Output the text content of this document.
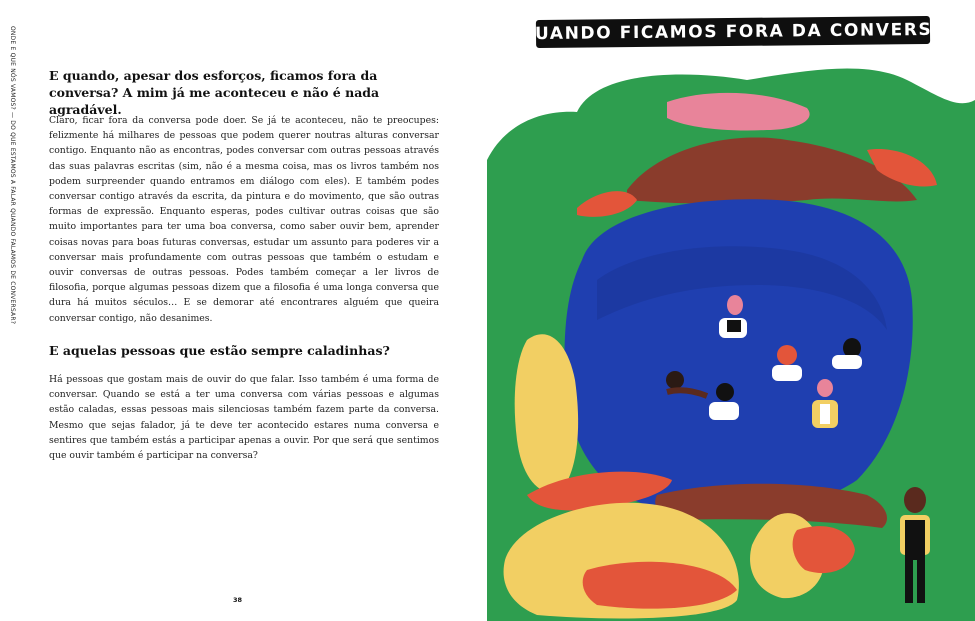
ONDE E QUE NÓS VAMOS? — DO QUE ESTAMOS A FALAR QUANDO FALAMOS DE CONVERSAR?	E quando, apesar dos esforços, ficamos fora da conversa? A mim já me aconteceu e não é nada agradável.

Claro, ficar fora da conversa pode doer. Se já te aconteceu, não te preocupes: felizmente há milhares de pessoas que podem querer noutras alturas conversar contigo. Enquanto não as encontras, podes conversar com outras pessoas através das suas palavras escritas (sim, não é a mesma coisa, mas os livros também nos podem surpreender quando entramos em diálogo com eles). E também podes conversar contigo através da escrita, da pintura e do movimento, que são outras formas de expressão. Enquanto esperas, podes cultivar outras coisas que são muito importantes para ter uma boa conversa, como saber ouvir bem, aprender coisas novas para boas futuras conversas, estudar um assunto para poderes vir a conversar mais profundamente com outras pessoas que também o estudam e ouvir conversas de outras pessoas. Podes também começar a ler livros de filosofia, porque algumas pessoas dizem que a filosofia é uma longa conversa que dura há muitos séculos… E se demorar até encontrares alguém que queira conversar contigo, não desanimes.

E aquelas pessoas que estão sempre caladinhas?

Há pessoas que gostam mais de ouvir do que falar. Isso também é uma forma de conversar. Quando se está a ter uma conversa com várias pessoas e algumas estão caladas, essas pessoas mais silenciosas também fazem parte da conversa. Mesmo que sejas falador, já te deve ter acontecido estares numa conversa e sentires que também estás a participar apenas a ouvir. Por que será que sentimos que ouvir também é participar na conversa?

38
QUANDO FICAMOS FORA DA CONVERSA
